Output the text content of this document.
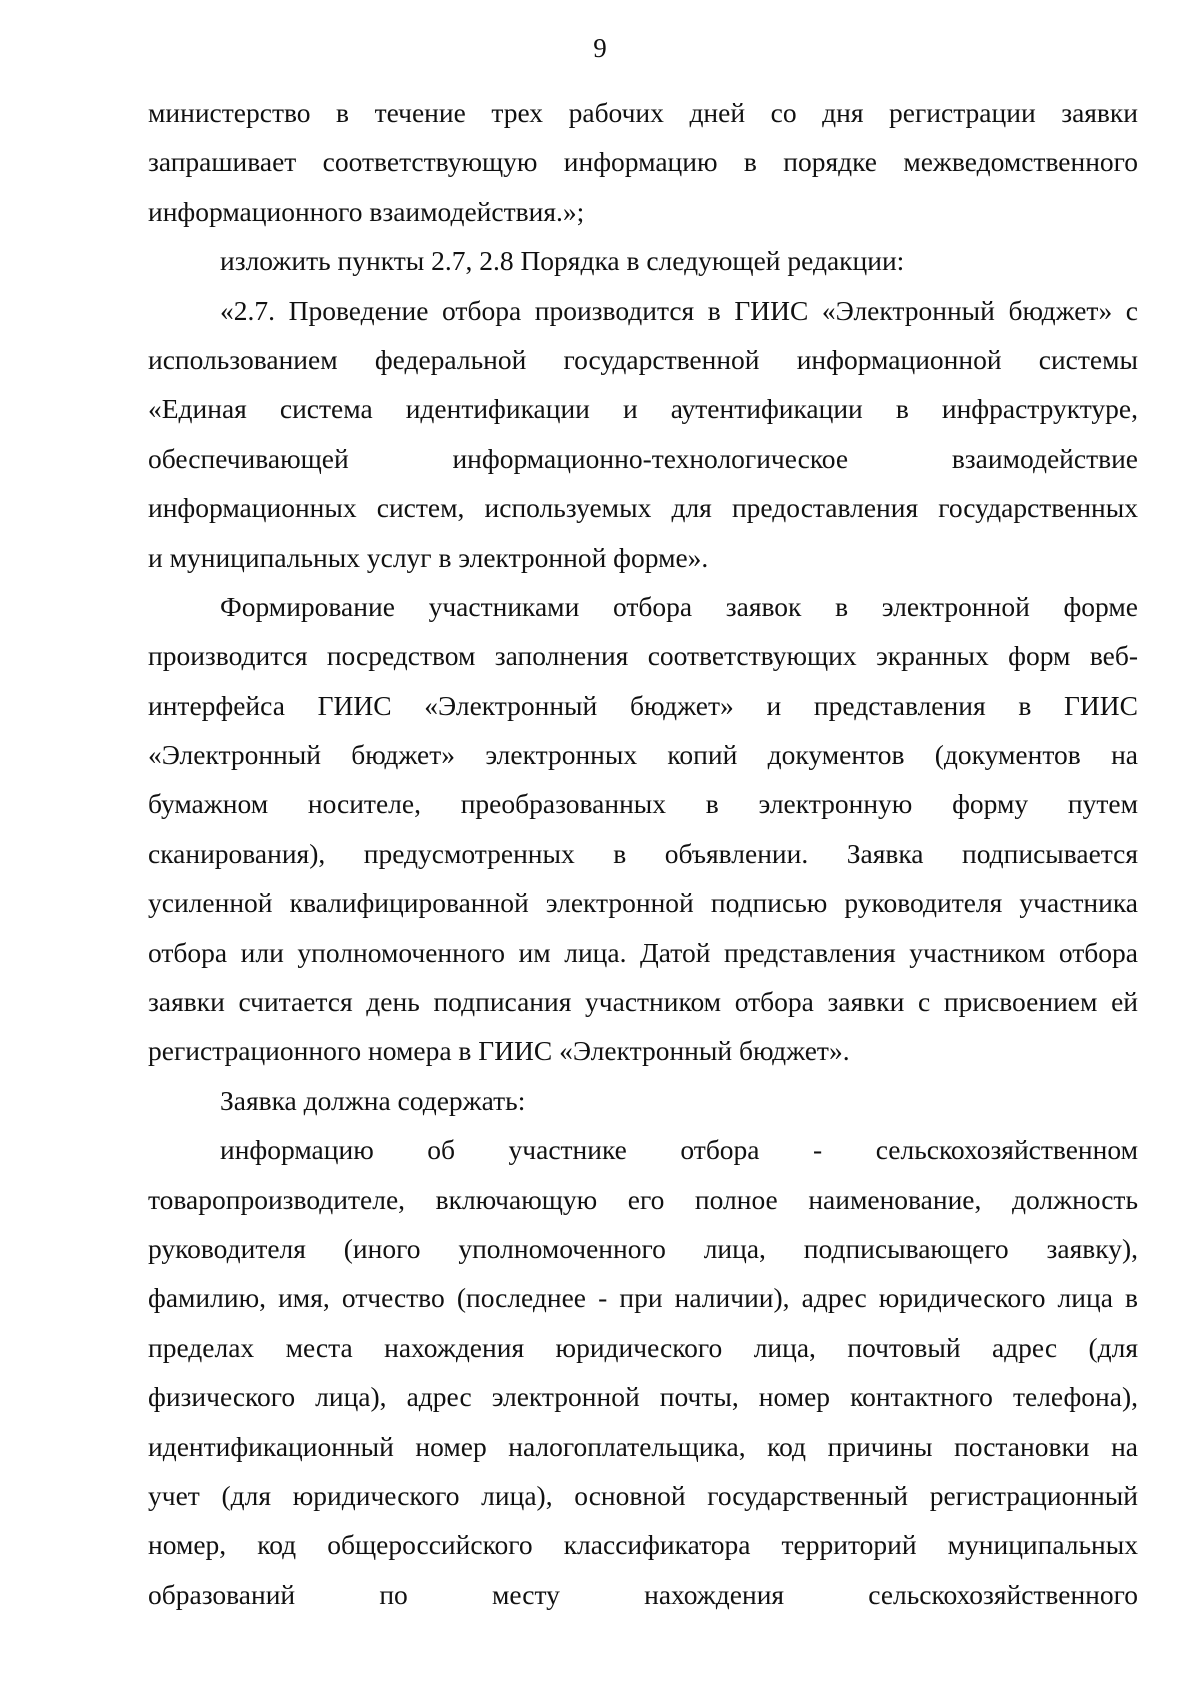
9
министерство в течение трех рабочих дней со дня регистрации заявки
запрашивает соответствующую информацию в порядке межведомственного
информационного взаимодействия.»;
изложить пункты 2.7, 2.8 Порядка в следующей редакции:
«2.7. Проведение отбора производится в ГИИС «Электронный бюджет» с
использованием федеральной государственной информационной системы
«Единая система идентификации и аутентификации в инфраструктуре,
обеспечивающей информационно-технологическое взаимодействие
информационных систем, используемых для предоставления государственных
и муниципальных услуг в электронной форме».
Формирование участниками отбора заявок в электронной форме
производится посредством заполнения соответствующих экранных форм веб-
интерфейса ГИИС «Электронный бюджет» и представления в ГИИС
«Электронный бюджет» электронных копий документов (документов на
бумажном носителе, преобразованных в электронную форму путем
сканирования), предусмотренных в объявлении. Заявка подписывается
усиленной квалифицированной электронной подписью руководителя участника
отбора или уполномоченного им лица. Датой представления участником отбора
заявки считается день подписания участником отбора заявки с присвоением ей
регистрационного номера в ГИИС «Электронный бюджет».
Заявка должна содержать:
информацию об участнике отбора - сельскохозяйственном
товаропроизводителе, включающую его полное наименование, должность
руководителя (иного уполномоченного лица, подписывающего заявку),
фамилию, имя, отчество (последнее - при наличии), адрес юридического лица в
пределах места нахождения юридического лица, почтовый адрес (для
физического лица), адрес электронной почты, номер контактного телефона),
идентификационный номер налогоплательщика, код причины постановки на
учет (для юридического лица), основной государственный регистрационный
номер, код общероссийского классификатора территорий муниципальных
образований по месту нахождения сельскохозяйственного
